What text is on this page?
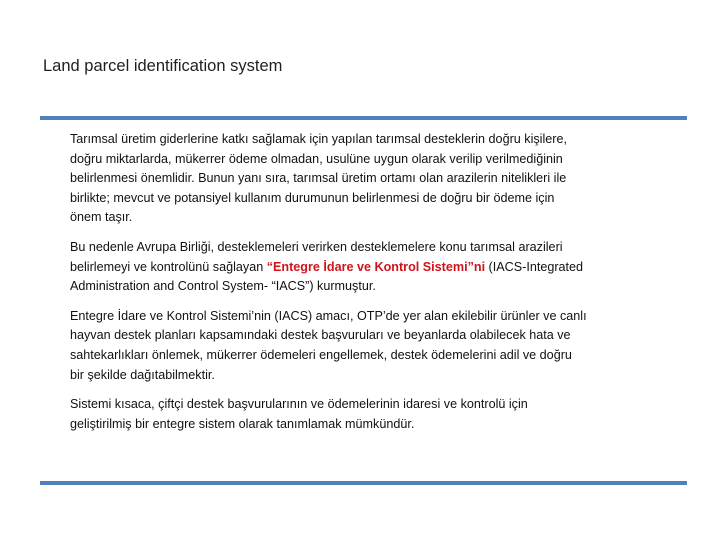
Land parcel identification system

Tarımsal üretim giderlerine katkı sağlamak için yapılan tarımsal desteklerin doğru kişilere,
doğru miktarlarda, mükerrer ödeme olmadan, usulüne uygun olarak verilip verilmediğinin
belirlenmesi önemlidir. Bunun yanı sıra, tarımsal üretim ortamı olan arazilerin nitelikleri ile
birlikte; mevcut ve potansiyel kullanım durumunun belirlenmesi de doğru bir ödeme için
önem taşır.

Bu nedenle Avrupa Birliği, desteklemeleri verirken desteklemelere konu tarımsal arazileri
belirlemeyi ve kontrolünü sağlayan “Entegre İdare ve Kontrol Sistemi”ni (IACS-Integrated
Administration and Control System- “IACS”) kurmuştur.

Entegre İdare ve Kontrol Sistemi’nin (IACS) amacı, OTP’de yer alan ekilebilir ürünler ve canlı
hayvan destek planları kapsamındaki destek başvuruları ve beyanlarda olabilecek hata ve
sahtekarlıkları önlemek, mükerrer ödemeleri engellemek, destek ödemelerini adil ve doğru
bir şekilde dağıtabilmektir.

Sistemi kısaca, çiftçi destek başvurularının ve ödemelerinin idaresi ve kontrolü için
geliştirilmiş bir entegre sistem olarak tanımlamak mümkündür.
